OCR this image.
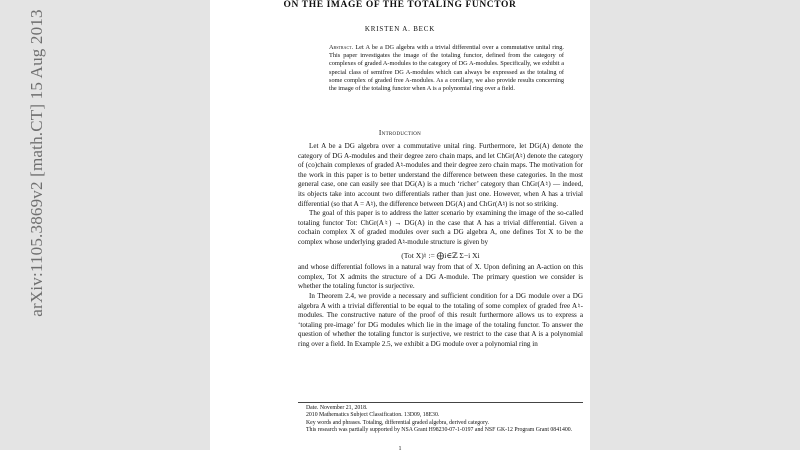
ON THE IMAGE OF THE TOTALING FUNCTOR
KRISTEN A. BECK
Abstract. Let A be a DG algebra with a trivial differential over a commutative unital ring. This paper investigates the image of the totaling functor, defined from the category of complexes of graded A-modules to the category of DG A-modules. Specifically, we exhibit a special class of semifree DG A-modules which can always be expressed as the totaling of some complex of graded free A-modules. As a corollary, we also provide results concerning the image of the totaling functor when A is a polynomial ring over a field.
Introduction

Let A be a DG algebra over a commutative unital ring. Furthermore, let DG(A) denote the category of DG A-modules and their degree zero chain maps, and let ChGr(A♮) denote the category of (co)chain complexes of graded A♮-modules and their degree zero chain maps. The motivation for the work in this paper is to better understand the difference between these categories. In the most general case, one can easily see that DG(A) is a much ‘richer’ category than ChGr(A♮) — indeed, its objects take into account two differentials rather than just one. However, when A has a trivial differential (so that A = A♮), the difference between DG(A) and ChGr(A♮) is not so striking.

The goal of this paper is to address the latter scenario by examining the image of the so-called totaling functor Tot: ChGr(A♮) → DG(A) in the case that A has a trivial differential. Given a cochain complex X of graded modules over such a DG algebra A, one defines Tot X to be the complex whose underlying graded A♮-module structure is given by

(Tot X)♮ := ⨁i∈ℤ Σ−i Xi

and whose differential follows in a natural way from that of X. Upon defining an A-action on this complex, Tot X admits the structure of a DG A-module. The primary question we consider is whether the totaling functor is surjective.

In Theorem 2.4, we provide a necessary and sufficient condition for a DG module over a DG algebra A with a trivial differential to be equal to the totaling of some complex of graded free A♮-modules. The constructive nature of the proof of this result furthermore allows us to express a ‘totaling pre-image’ for DG modules which lie in the image of the totaling functor. To answer the question of whether the totaling functor is surjective, we restrict to the case that A is a polynomial ring over a field. In Example 2.5, we exhibit a DG module over a polynomial ring in

Date. November 21, 2018.
2010 Mathematics Subject Classification. 13D09, 18E30.
Key words and phrases. Totaling, differential graded algebra, derived category.
This research was partially supported by NSA Grant H98230-07-1-0197 and NSF GK-12 Program Grant 0841400.
1
arXiv:1105.3869v2 [math.CT] 15 Aug 2013
